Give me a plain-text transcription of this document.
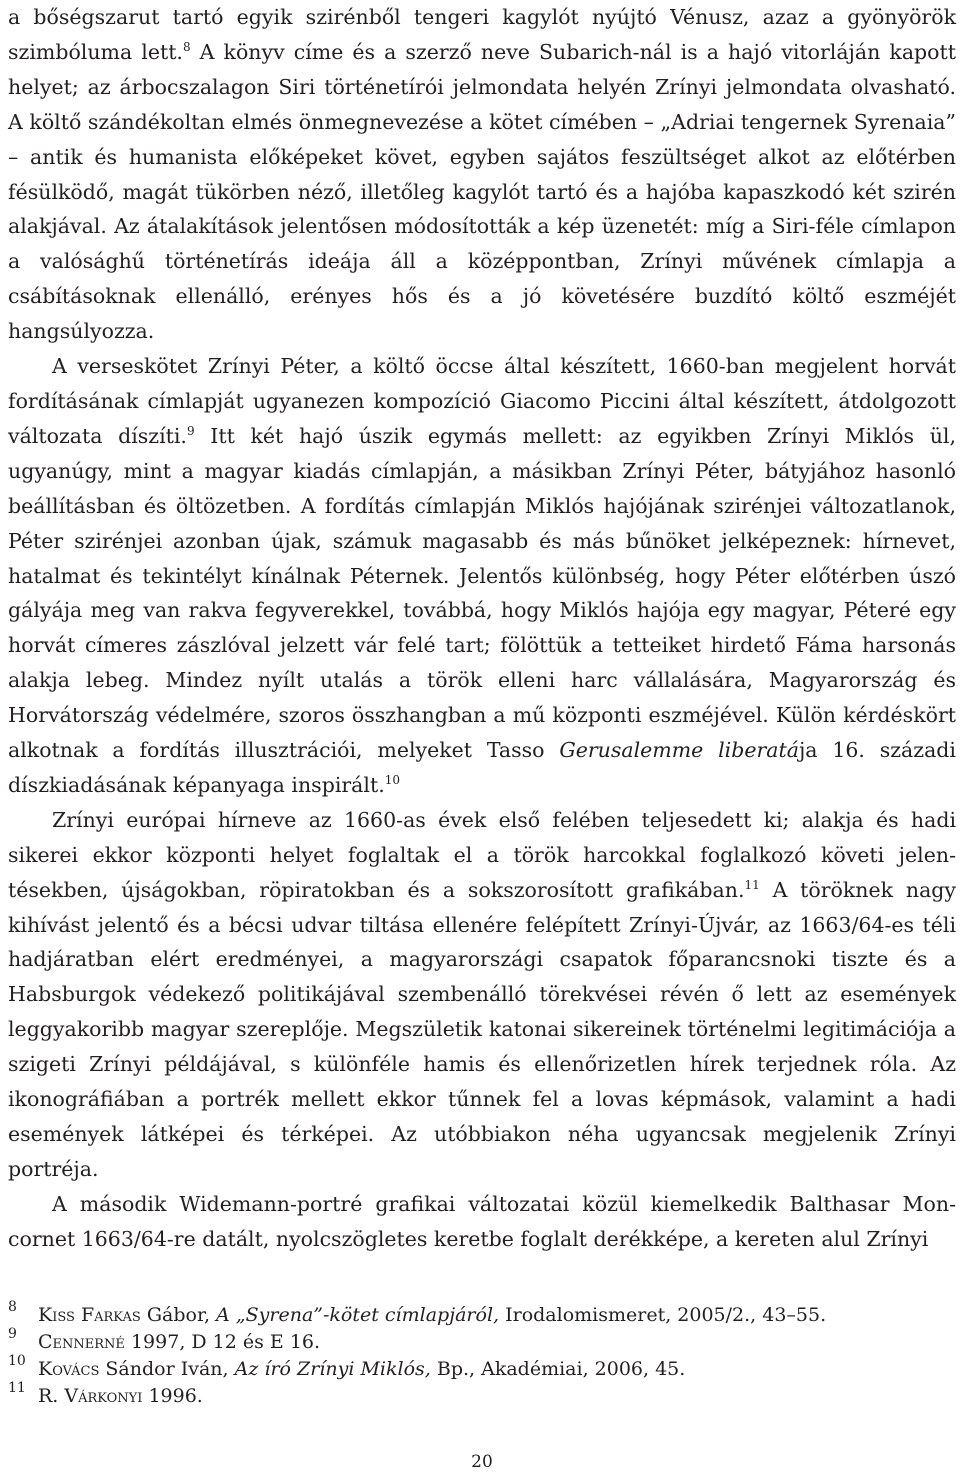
a bőségszarut tartó egyik szirénből tengeri kagylót nyújtó Vénusz, azaz a gyönyörök szimbóluma lett.$^8$ A könyv címe és a szerző neve Subarich-nál is a hajó vitorláján kapott helyet; az árbocszalagon Siri történetírói jelmondata helyén Zrínyi jelmondata olvasható. A költő szándékoltan elmés önmegnevezése a kötet címében – „Adriai tengernek Syrenaia” – antik és humanista előképeket követ, egyben sajátos feszültséget alkot az előtérben fésülködő, magát tükörben néző, illetőleg kagylót tartó és a hajóba kapaszkodó két szirén alakjával. Az átalakítások jelentősen módosították a kép üzenetét: míg a Siri-féle címlapon a valósághű történetírás ideája áll a középpontban, Zrínyi művének címlapja a csábításoknak ellenálló, erényes hős és a jó követésére buzdító költő eszméjét hangsúlyozza.

A verseskötet Zrínyi Péter, a költő öccse által készített, 1660-ban megjelent horvát fordításának címlapját ugyanezen kompozíció Giacomo Piccini által készített, átdolgozott változata díszíti.$^9$ Itt két hajó úszik egymás mellett: az egyikben Zrínyi Miklós ül, ugyanúgy, mint a magyar kiadás címlapján, a másikban Zrínyi Péter, bátyjához hasonló beállításban és öltözetben. A fordítás címlapján Miklós hajójának szirénjei változatlanok, Péter szirénjei azonban újak, számuk magasabb és más bűnöket jelképeznek: hírnevet, hatalmat és tekintélyt kínálnak Péternek. Jelentős különbség, hogy Péter előtérben úszó gályája meg van rakva fegyverekkel, továbbá, hogy Miklós hajója egy magyar, Péteré egy horvát címeres zászlóval jelzett vár felé tart; fölöttük a tetteiket hirdető Fáma harsonás alakja lebeg. Mindez nyílt utalás a török elleni harc vállalására, Magyarország és Horvátország védelmére, szoros összhangban a mű központi eszméjével. Külön kérdéskört alkotnak a fordítás illusztrációi, melyeket Tasso Gerusalemme liberatája 16. századi díszkiadásának képanyaga inspirált.$^{10}$

Zrínyi európai hírneve az 1660-as évek első felében teljesedett ki; alakja és hadi sikerei ekkor központi helyet foglaltak el a török harcokkal foglalkozó követi jelentésekben, újságokban, röpiratokban és a sokszorosított grafikában.$^{11}$ A töröknek nagy kihívást jelentő és a bécsi udvar tiltása ellenére felépített Zrínyi-Újvár, az 1663/64-es téli hadjáratban elért eredményei, a magyarországi csapatok főparancsnoki tisztе és a Habsburgok védekező politikájával szembenálló törekvései révén ő lett az események leggyakoribb magyar szereplője. Megszületik katonai sikereinek történelmi legitimációja a szigeti Zrínyi példájával, s különféle hamis és ellenőrizetlen hírek terjednek róla. Az ikonográfiában a portrék mellett ekkor tűnnek fel a lovas képmások, valamint a hadi események látképei és térképei. Az utóbbiakon néha ugyancsak megjelenik Zrínyi portréja.

A második Widemann-portré grafikai változatai közül kiemelkedik Balthasar Moncornet 1663/64-re datált, nyolcszögletes keretbe foglalt derékképe, a kereten alul Zrínyi

8 Kiss Farkas Gábor, A „Syrena”-kötet címlapjáról, Irodalomismeret, 2005/2., 43–55.
9 Cennerné 1997, D 12 és E 16.
10 Kovács Sándor Iván, Az író Zrínyi Miklós, Bp., Akadémiai, 2006, 45.
11 R. Várkonyi 1996.
20
